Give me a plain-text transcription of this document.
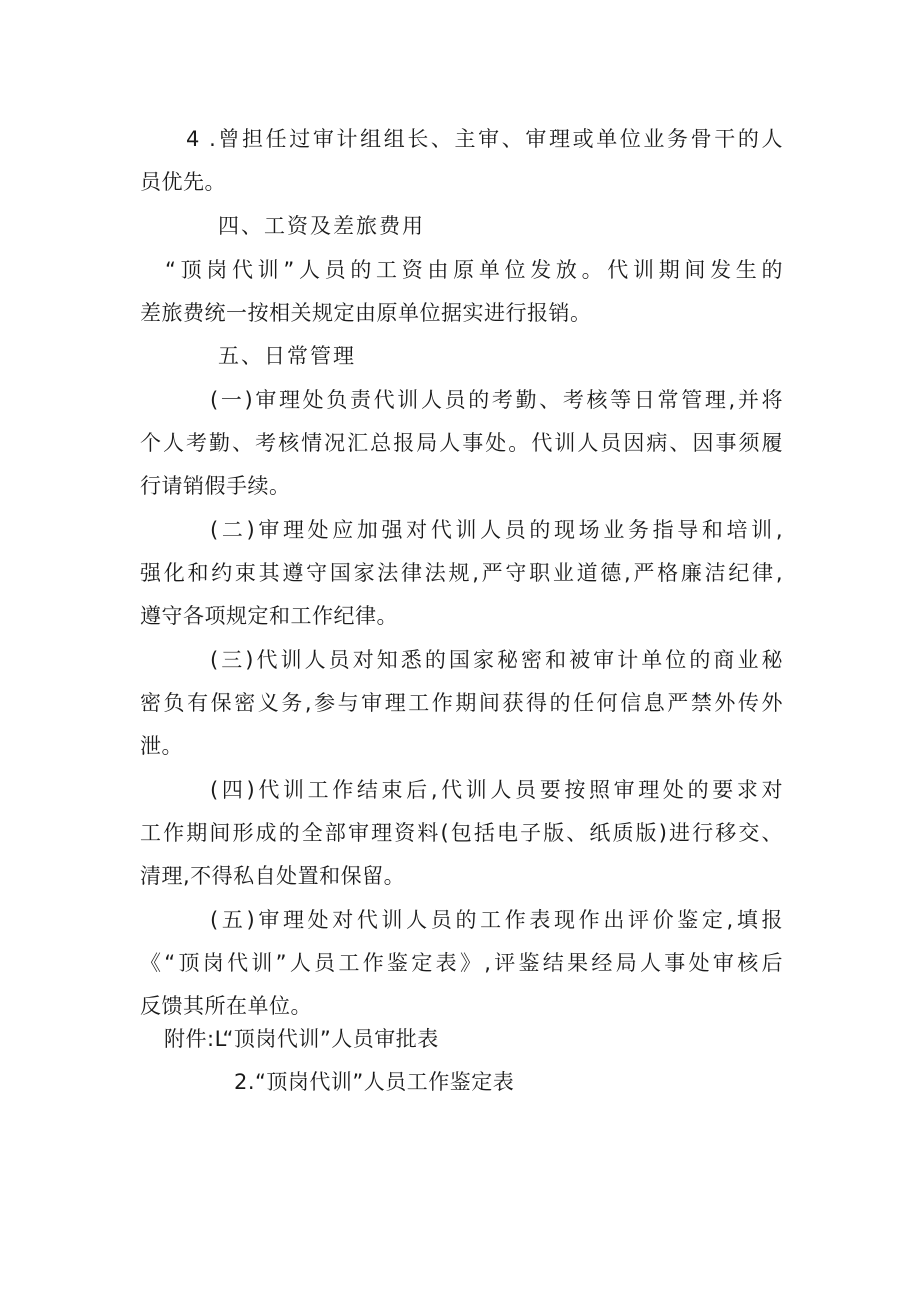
4 .曾担任过审计组组长、主审、审理或单位业务骨干的人
员优先。
四、工资及差旅费用
“顶岗代训”人员的工资由原单位发放。代训期间发生的
差旅费统一按相关规定由原单位据实进行报销。
五、日常管理
(一)审理处负责代训人员的考勤、考核等日常管理,并将
个人考勤、考核情况汇总报局人事处。代训人员因病、因事须履
行请销假手续。
(二)审理处应加强对代训人员的现场业务指导和培训,
强化和约束其遵守国家法律法规,严守职业道德,严格廉洁纪律,
遵守各项规定和工作纪律。
(三)代训人员对知悉的国家秘密和被审计单位的商业秘
密负有保密义务,参与审理工作期间获得的任何信息严禁外传外
泄。
(四)代训工作结束后,代训人员要按照审理处的要求对
工作期间形成的全部审理资料(包括电子版、纸质版)进行移交、
清理,不得私自处置和保留。
(五)审理处对代训人员的工作表现作出评价鉴定,填报
《“顶岗代训”人员工作鉴定表》,评鉴结果经局人事处审核后
反馈其所在单位。
附件:L“顶岗代训”人员审批表
2.“顶岗代训”人员工作鉴定表
